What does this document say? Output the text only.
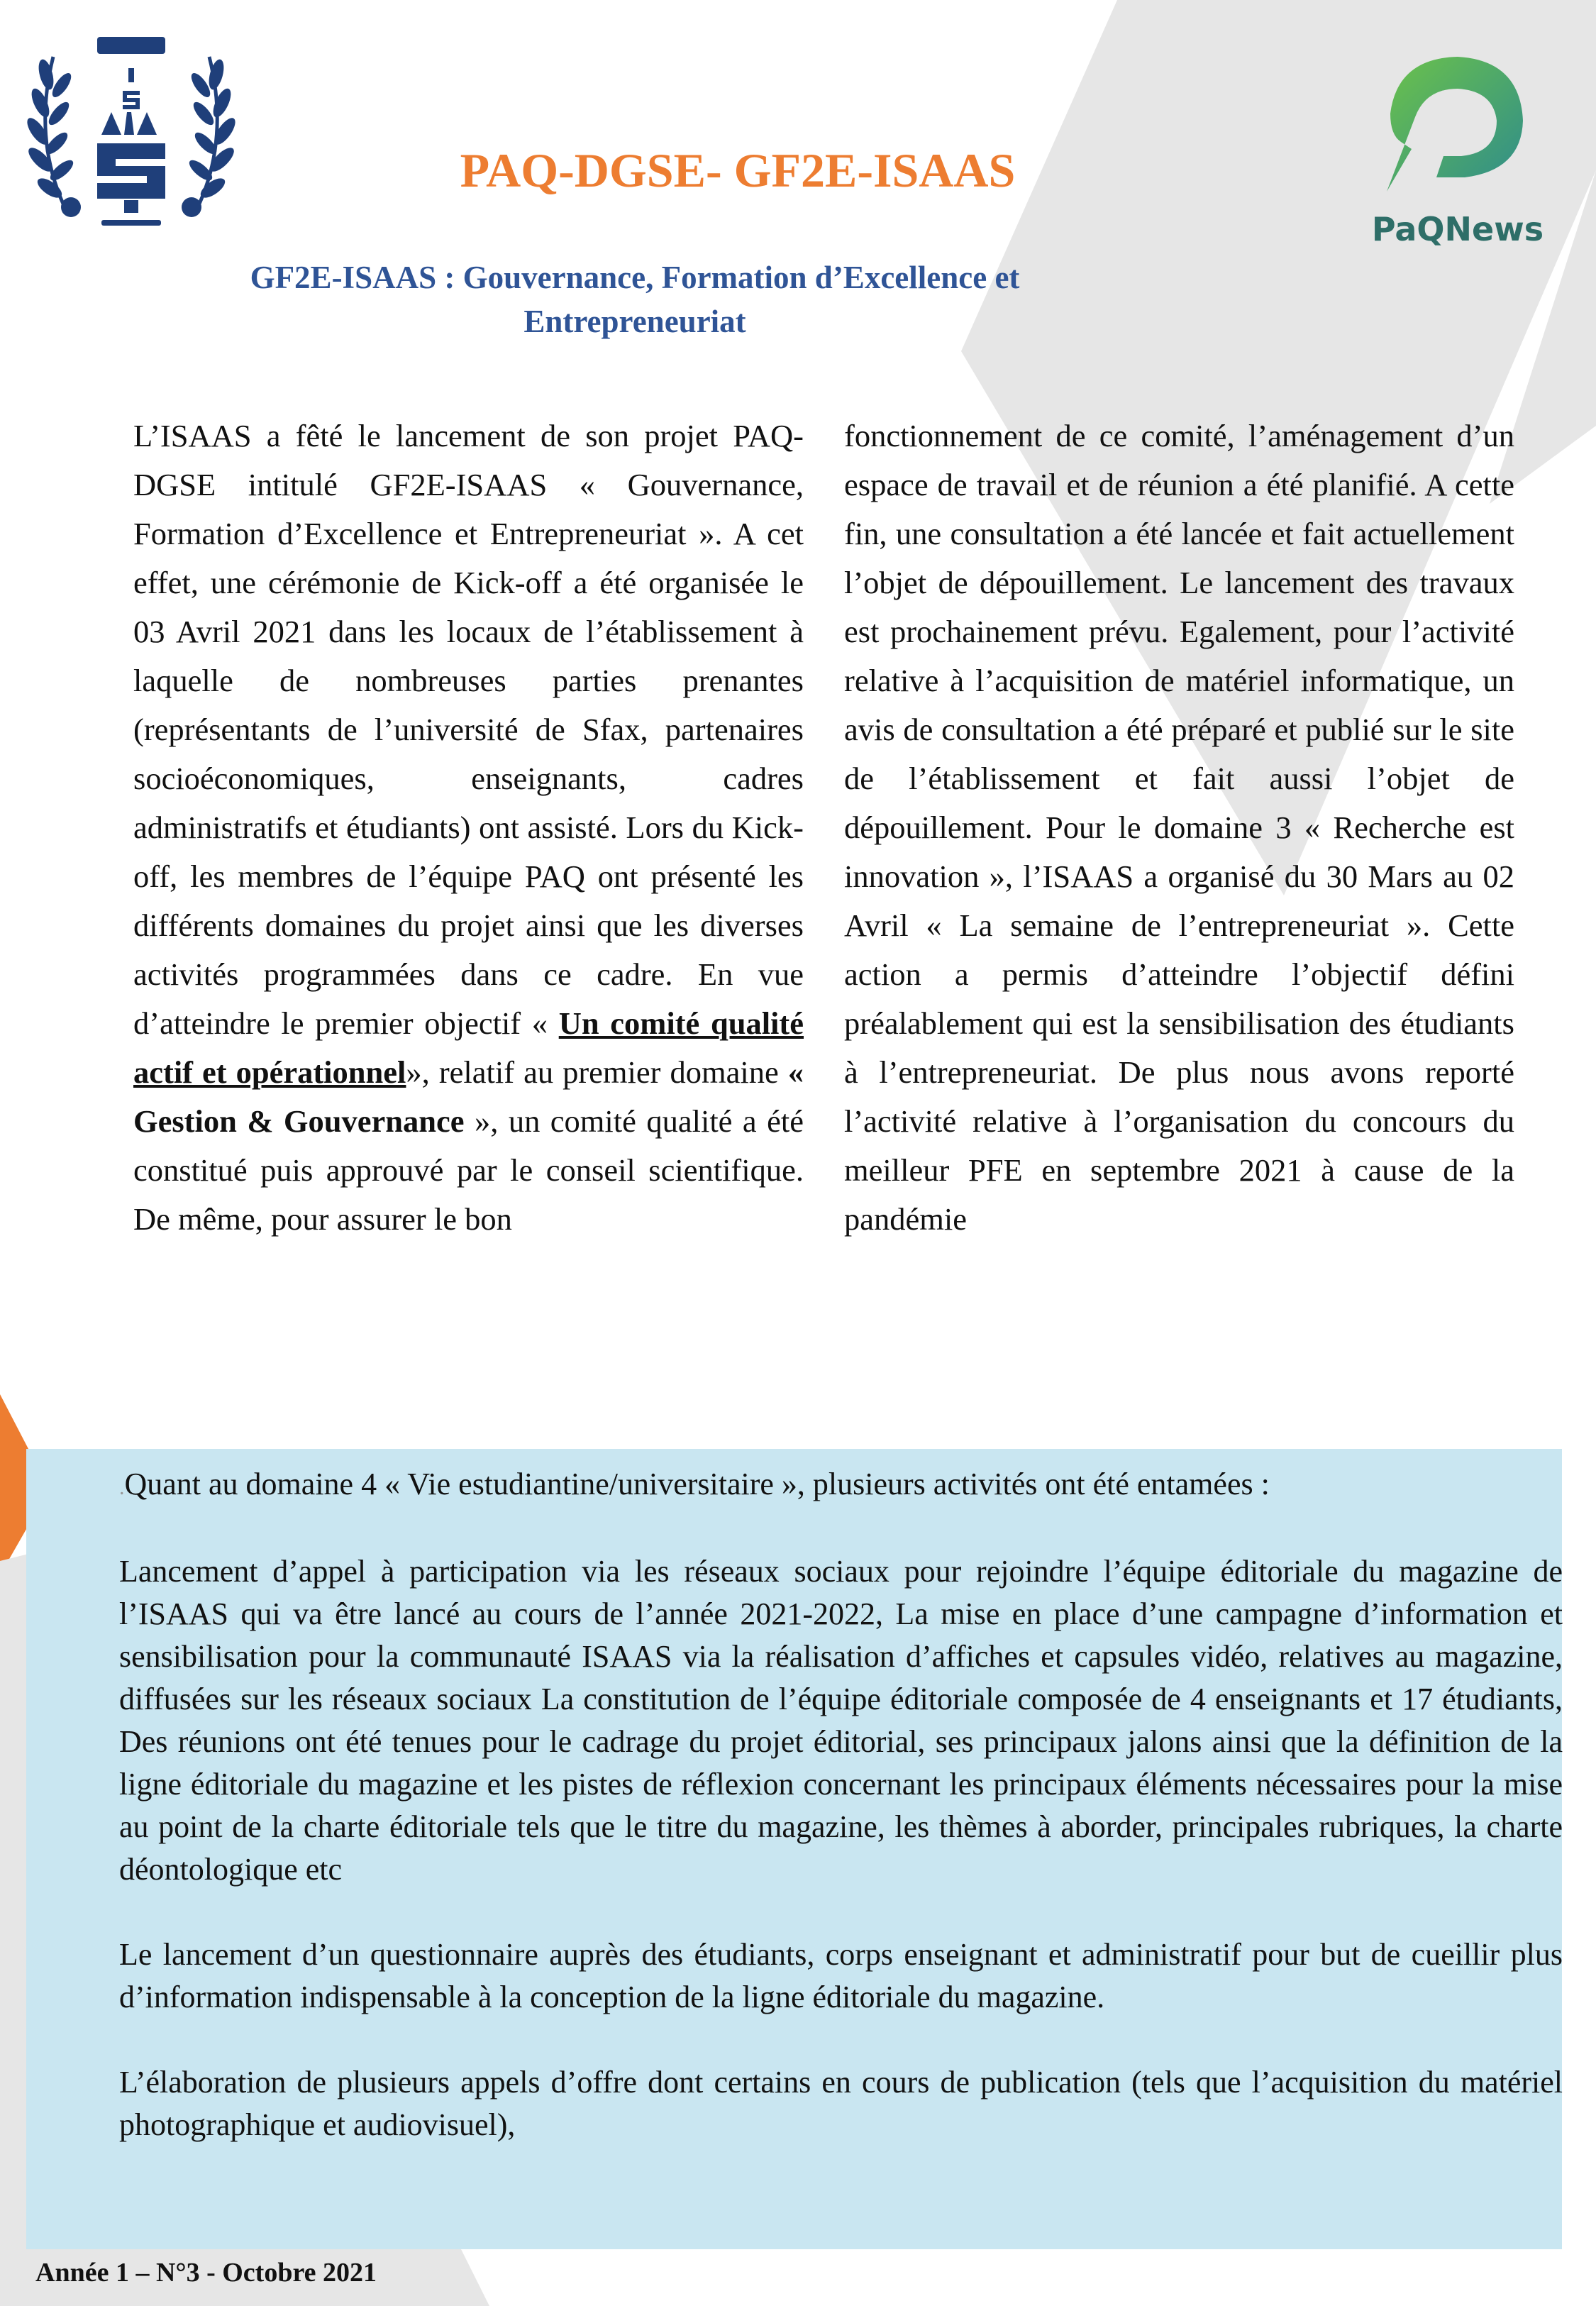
PaQNews
PAQ-DGSE- GF2E-ISAAS
GF2E-ISAAS : Gouvernance, Formation d’Excellence et Entrepreneuriat

L’ISAAS a fêté le lancement de son projet PAQ-DGSE intitulé GF2E-ISAAS « Gouvernance, Formation d’Excellence et Entrepreneuriat ». A cet effet, une cérémonie de Kick-off a été organisée le 03 Avril 2021 dans les locaux de l’établissement à laquelle de nombreuses parties prenantes (représentants de l’université de Sfax, partenaires socioéconomiques, enseignants, cadres administratifs et étudiants) ont assisté. Lors du Kick-off, les membres de l’équipe PAQ ont présenté les différents domaines du projet ainsi que les diverses activités programmées dans ce cadre. En vue d’atteindre le premier objectif « Un comité qualité actif et opérationnel», relatif au premier domaine « Gestion & Gouvernance », un comité qualité a été constitué puis approuvé par le conseil scientifique. De même, pour assurer le bon

fonctionnement de ce comité, l’aménagement d’un espace de travail et de réunion a été planifié. A cette fin, une consultation a été lancée et fait actuellement l’objet de dépouillement. Le lancement des travaux est prochainement prévu. Egalement, pour l’activité relative à l’acquisition de matériel informatique, un avis de consultation a été préparé et publié sur le site de l’établissement et fait aussi l’objet de dépouillement. Pour le domaine 3 « Recherche est innovation », l’ISAAS a organisé du 30 Mars au 02 Avril « La semaine de l’entrepreneuriat ». Cette action a permis d’atteindre l’objectif défini préalablement qui est la sensibilisation des étudiants à l’entrepreneuriat. De plus nous avons reporté l’activité relative à l’organisation du concours du meilleur PFE en septembre 2021 à cause de la pandémie

.Quant au domaine 4 « Vie estudiantine/universitaire », plusieurs activités ont été entamées :

Lancement d’appel à participation via les réseaux sociaux pour rejoindre l’équipe éditoriale du magazine de l’ISAAS qui va être lancé au cours de l’année 2021-2022, La mise en place d’une campagne d’information et sensibilisation pour la communauté ISAAS via la réalisation d’affiches et capsules vidéo, relatives au magazine, diffusées sur les réseaux sociaux La constitution de l’équipe éditoriale composée de 4 enseignants et 17 étudiants, Des réunions ont été tenues pour le cadrage du projet éditorial, ses principaux jalons ainsi que la définition de la ligne éditoriale du magazine et les pistes de réflexion concernant les principaux éléments nécessaires pour la mise au point de la charte éditoriale tels que le titre du magazine, les thèmes à aborder, principales rubriques, la charte déontologique etc

Le lancement d’un questionnaire auprès des étudiants, corps enseignant et administratif pour but de cueillir plus d’information indispensable à la conception de la ligne éditoriale du magazine.

L’élaboration de plusieurs appels d’offre dont certains en cours de publication (tels que l’acquisition du matériel photographique et audiovisuel),

Année 1 – N°3 - Octobre 2021
